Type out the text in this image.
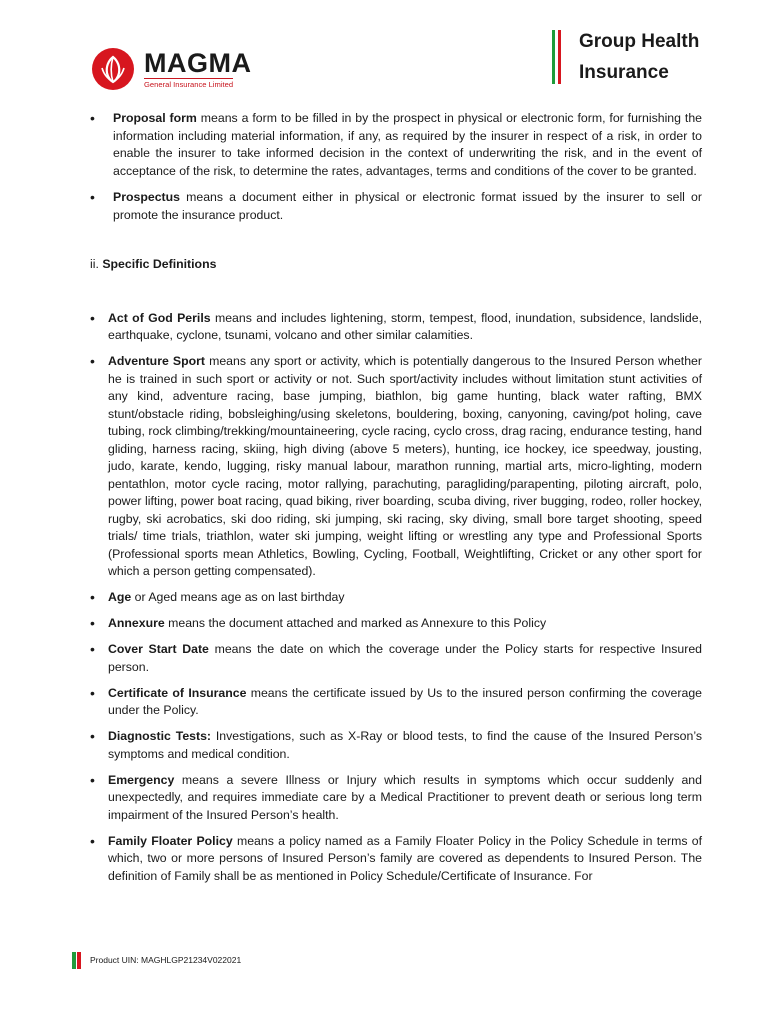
MAGMA
General Insurance Limited
Group Health
Insurance
• Proposal form means a form to be filled in by the prospect in physical or electronic form, for furnishing the information including material information, if any, as required by the insurer in respect of a risk, in order to enable the insurer to take informed decision in the context of underwriting the risk, and in the event of acceptance of the risk, to determine the rates, advantages, terms and conditions of the cover to be granted.
• Prospectus means a document either in physical or electronic format issued by the insurer to sell or promote the insurance product.
ii. Specific Definitions
• Act of God Perils means and includes lightening, storm, tempest, flood, inundation, subsidence, landslide, earthquake, cyclone, tsunami, volcano and other similar calamities.
• Adventure Sport means any sport or activity, which is potentially dangerous to the Insured Person whether he is trained in such sport or activity or not. Such sport/activity includes without limitation stunt activities of any kind, adventure racing, base jumping, biathlon, big game hunting, black water rafting, BMX stunt/obstacle riding, bobsleighing/using skeletons, bouldering, boxing, canyoning, caving/pot holing, cave tubing, rock climbing/trekking/mountaineering, cycle racing, cyclo cross, drag racing, endurance testing, hand gliding, harness racing, skiing, high diving (above 5 meters), hunting, ice hockey, ice speedway, jousting, judo, karate, kendo, lugging, risky manual labour, marathon running, martial arts, micro-lighting, modern pentathlon, motor cycle racing, motor rallying, parachuting, paragliding/parapenting, piloting aircraft, polo, power lifting, power boat racing, quad biking, river boarding, scuba diving, river bugging, rodeo, roller hockey, rugby, ski acrobatics, ski doo riding, ski jumping, ski racing, sky diving, small bore target shooting, speed trials/ time trials, triathlon, water ski jumping, weight lifting or wrestling any type and Professional Sports (Professional sports mean Athletics, Bowling, Cycling, Football, Weightlifting, Cricket or any other sport for which a person getting compensated).
• Age or Aged means age as on last birthday
• Annexure means the document attached and marked as Annexure to this Policy
• Cover Start Date means the date on which the coverage under the Policy starts for respective Insured person.
• Certificate of Insurance means the certificate issued by Us to the insured person confirming the coverage under the Policy.
• Diagnostic Tests: Investigations, such as X-Ray or blood tests, to find the cause of the Insured Person’s symptoms and medical condition.
• Emergency means a severe Illness or Injury which results in symptoms which occur suddenly and unexpectedly, and requires immediate care by a Medical Practitioner to prevent death or serious long term impairment of the Insured Person’s health.
• Family Floater Policy means a policy named as a Family Floater Policy in the Policy Schedule in terms of which, two or more persons of Insured Person’s family are covered as dependents to Insured Person. The definition of Family shall be as mentioned in Policy Schedule/Certificate of Insurance. For
Product UIN: MAGHLGP21234V022021
